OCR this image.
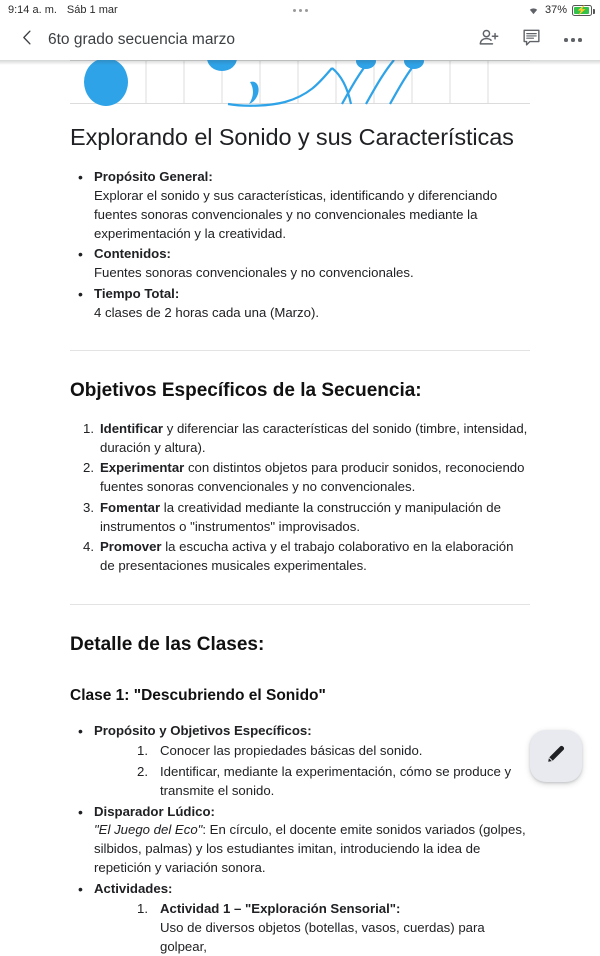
9:14 a. m. Sáb 1 mar	37%	⚡
6to grado secuencia marzo
Explorando el Sonido y sus Características
• Propósito General:
Explorar el sonido y sus características, identificando y diferenciando fuentes sonoras convencionales y no convencionales mediante la experimentación y la creatividad.
• Contenidos:
Fuentes sonoras convencionales y no convencionales.
• Tiempo Total:
4 clases de 2 horas cada una (Marzo).
Objetivos Específicos de la Secuencia:
1. Identificar y diferenciar las características del sonido (timbre, intensidad, duración y altura).
2. Experimentar con distintos objetos para producir sonidos, reconociendo fuentes sonoras convencionales y no convencionales.
3. Fomentar la creatividad mediante la construcción y manipulación de instrumentos o "instrumentos" improvisados.
4. Promover la escucha activa y el trabajo colaborativo en la elaboración de presentaciones musicales experimentales.
Detalle de las Clases:
Clase 1: "Descubriendo el Sonido"
• Propósito y Objetivos Específicos:
1. Conocer las propiedades básicas del sonido.
2. Identificar, mediante la experimentación, cómo se produce y transmite el sonido.
• Disparador Lúdico:
"El Juego del Eco": En círculo, el docente emite sonidos variados (golpes, silbidos, palmas) y los estudiantes imitan, introduciendo la idea de repetición y variación sonora.
• Actividades:
1. Actividad 1 – "Exploración Sensorial":
Uso de diversos objetos (botellas, vasos, cuerdas) para golpear,
